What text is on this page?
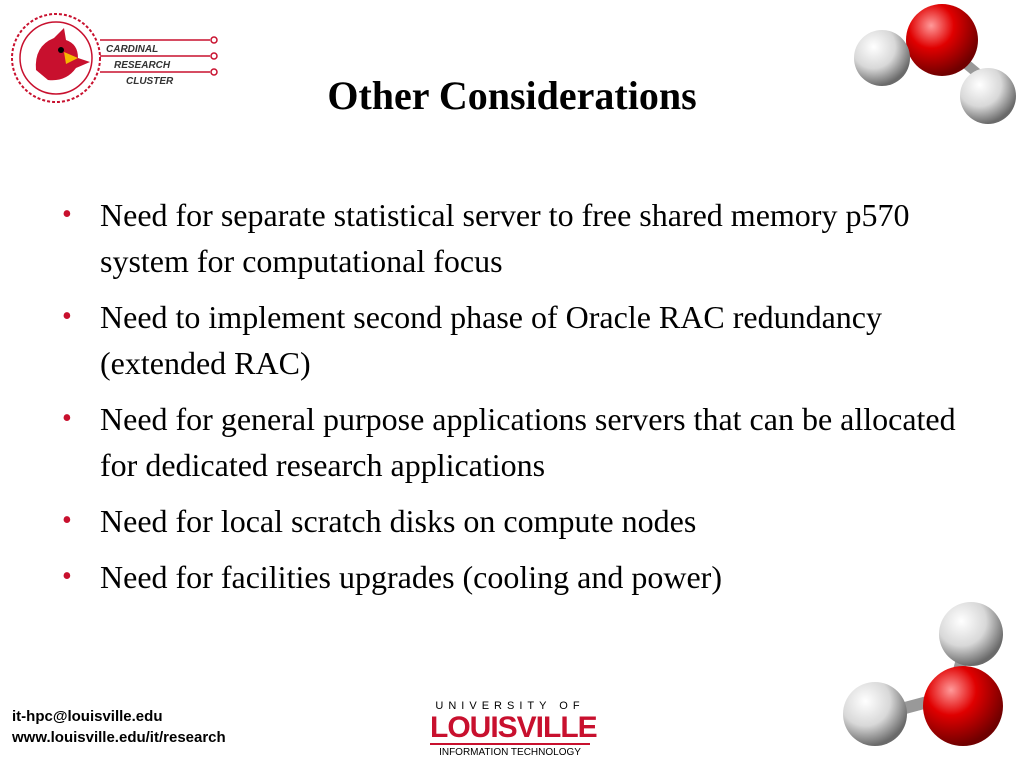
CARDINAL
RESEARCH
CLUSTER	Other Considerations
• Need for separate statistical server to free shared memory p570 system for computational focus
• Need to implement second phase of Oracle RAC redundancy (extended RAC)
• Need for general purpose applications servers that can be allocated for dedicated research applications
• Need for local scratch disks on compute nodes
• Need for facilities upgrades (cooling and power)
it-hpc@louisville.edu
www.louisville.edu/it/research
UNIVERSITY OF
LOUISVILLE
INFORMATION TECHNOLOGY
